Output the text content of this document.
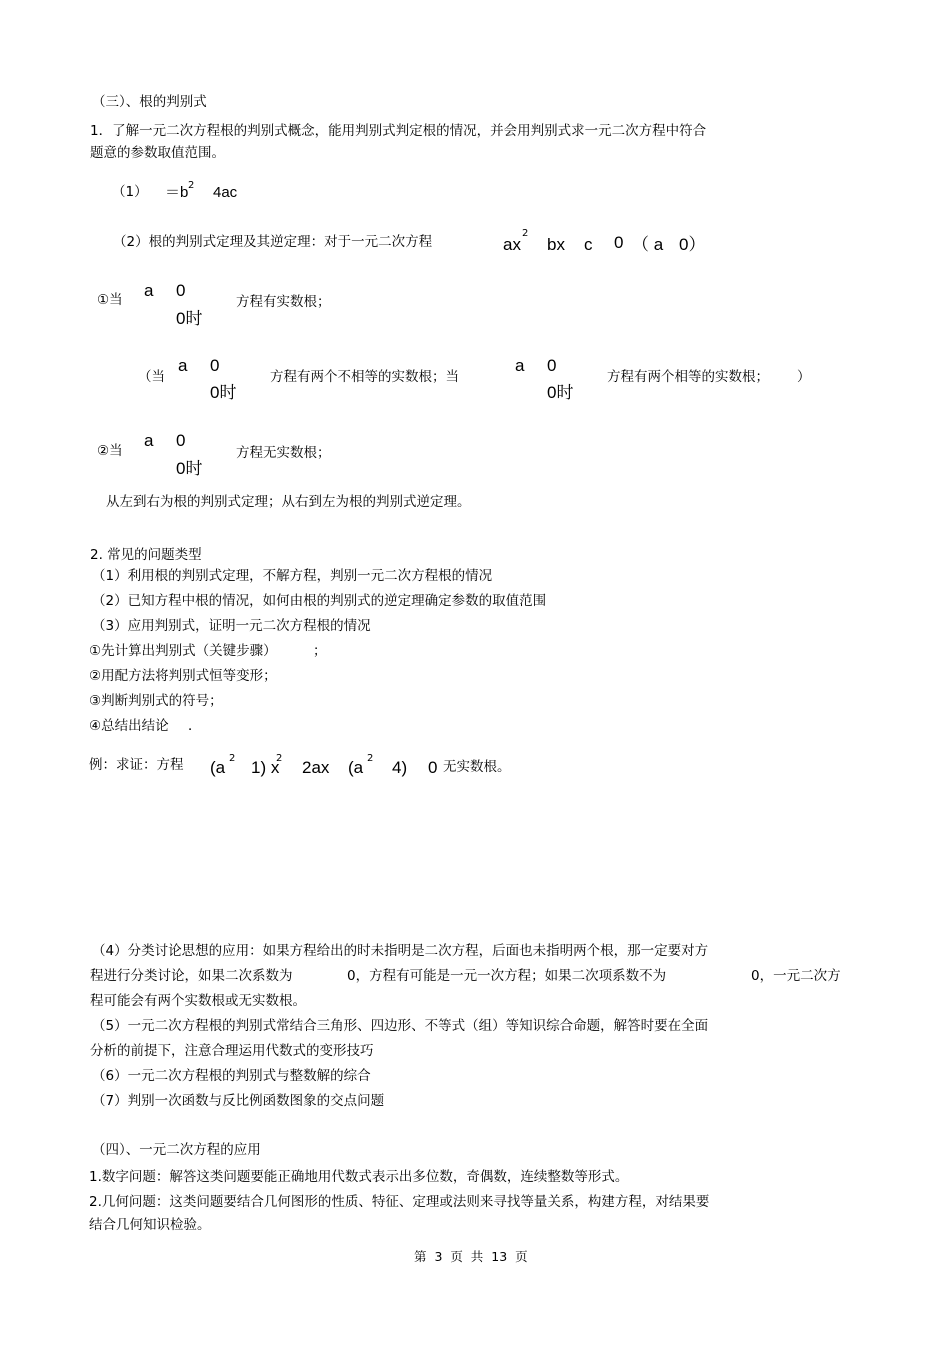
（三）、根的判别式
1．了解一元二次方程根的判别式概念，能用判别式判定根的情况，并会用判别式求一元二次方程中符合
题意的参数取值范围。
（1） ＝b 2 4ac
（2）根的判别式定理及其逆定理：对于一元二次方程	ax
2
bx c 0 （ a 0）
①当 a 0
0时
方程有实数根；
（当
a 0
0时
方程有两个不相等的实数根；当
a 0
0时
方程有两个相等的实数根； ）
②当
a 0
0时
方程无实数根；
从左到右为根的判别式定理；从右到左为根的判别式逆定理。
2. 常见的问题类型
（1）利用根的判别式定理，不解方程，判别一元二次方程根的情况
（2）已知方程中根的情况，如何由根的判别式的逆定理确定参数的取值范围
（3）应用判别式，证明一元二次方程根的情况
①先计算出判别式（关键步骤）	；
②用配方法将判别式恒等变形；
③判断判别式的符号；
④总结出结论 ．
例：求证：方程 (a 2 1) x
2 2ax (a 2 4) 0 无实数根。
（4）分类讨论思想的应用：如果方程给出的时未指明是二次方程，后面也未指明两个根，那一定要对方
程进行分类讨论，如果二次系数为	0，方程有可能是一元一次方程；如果二次项系数不为	0，一元二次方
程可能会有两个实数根或无实数根。
（5）一元二次方程根的判别式常结合三角形、四边形、不等式（组）等知识综合命题，解答时要在全面
分析的前提下，注意合理运用代数式的变形技巧
（6）一元二次方程根的判别式与整数解的综合
（7）判别一次函数与反比例函数图象的交点问题
（四）、一元二次方程的应用
1.数字问题：解答这类问题要能正确地用代数式表示出多位数，奇偶数，连续整数等形式。
2.几何问题：这类问题要结合几何图形的性质、特征、定理或法则来寻找等量关系，构建方程，对结果要
结合几何知识检验。
第  3  页  共  13  页
